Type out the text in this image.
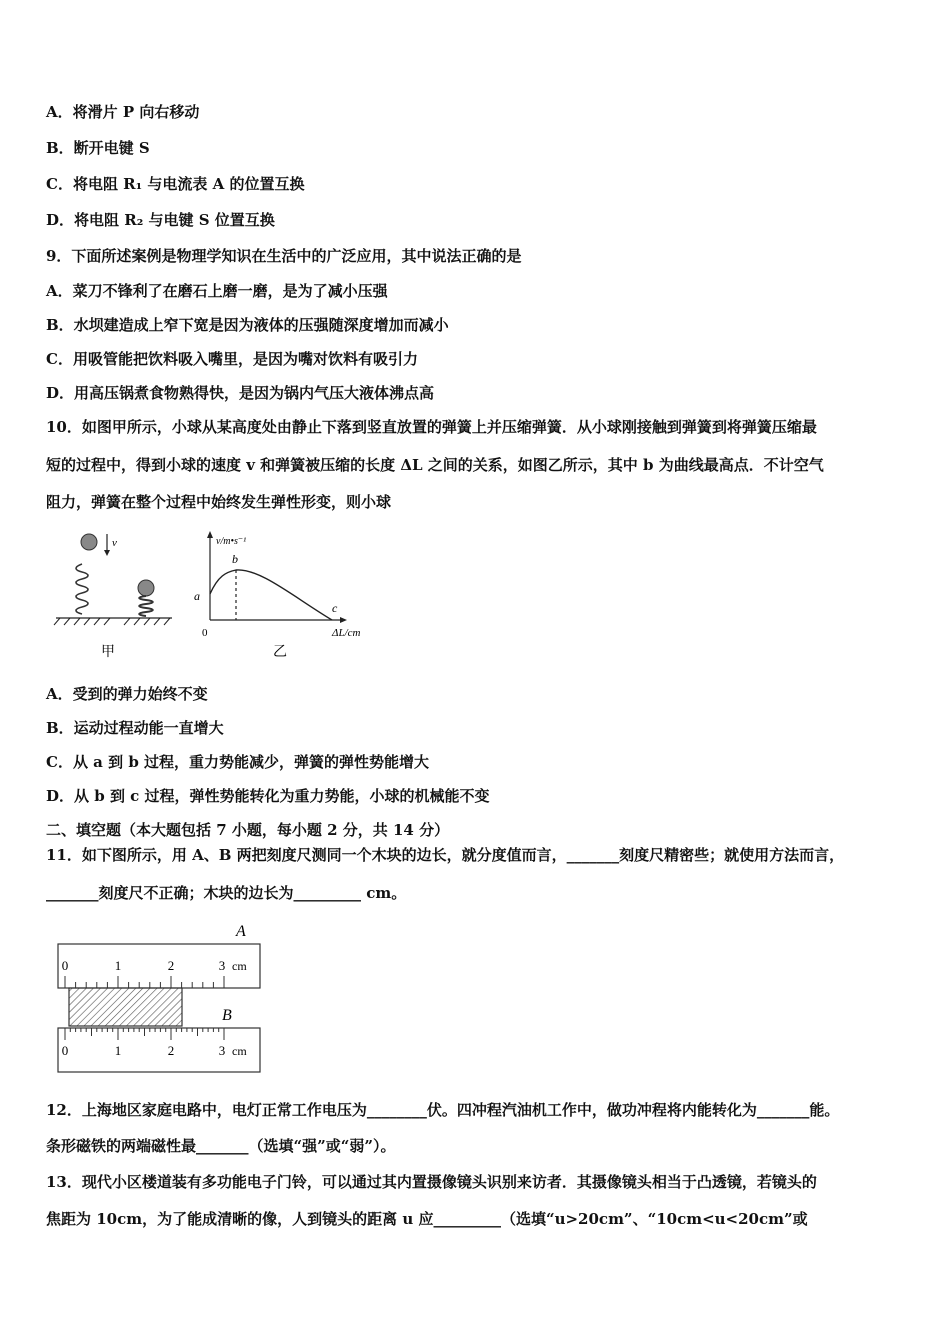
A．将滑片 P 向右移动
B．断开电键 S
C．将电阻 R₁ 与电流表 A 的位置互换
D．将电阻 R₂ 与电键 S 位置互换
9．下面所述案例是物理学知识在生活中的广泛应用，其中说法正确的是
A．菜刀不锋利了在磨石上磨一磨，是为了减小压强
B．水坝建造成上窄下宽是因为液体的压强随深度增加而减小
C．用吸管能把饮料吸入嘴里，是因为嘴对饮料有吸引力
D．用高压锅煮食物熟得快，是因为锅内气压大液体沸点高
10．如图甲所示，小球从某高度处由静止下落到竖直放置的弹簧上并压缩弹簧．从小球刚接触到弹簧到将弹簧压缩最
短的过程中，得到小球的速度 v 和弹簧被压缩的长度 ΔL 之间的关系，如图乙所示，其中 b 为曲线最高点．不计空气
阻力，弹簧在整个过程中始终发生弹性形变，则小球
v
甲
v/m•s⁻¹
ΔL/cm
0
a
b
c
乙
A．受到的弹力始终不变
B．运动过程动能一直增大
C．从 a 到 b 过程，重力势能减少，弹簧的弹性势能增大
D．从 b 到 c 过程，弹性势能转化为重力势能，小球的机械能不变
二、填空题（本大题包括 7 小题，每小题 2 分，共 14 分）
11．如下图所示，用 A、B 两把刻度尺测同一个木块的边长，就分度值而言，_______刻度尺精密些；就使用方法而言，
_______刻度尺不正确；木块的边长为_________ cm。
A
0	1	2	3 cm
B
0	1	2	3 cm
12．上海地区家庭电路中，电灯正常工作电压为________伏。四冲程汽油机工作中，做功冲程将内能转化为_______能。
条形磁铁的两端磁性最_______（选填“强”或“弱”）。
13．现代小区楼道装有多功能电子门铃，可以通过其内置摄像镜头识别来访者．其摄像镜头相当于凸透镜，若镜头的
焦距为 10cm，为了能成清晰的像，人到镜头的距离 u 应_________（选填“u>20cm”、“10cm<u<20cm”或
